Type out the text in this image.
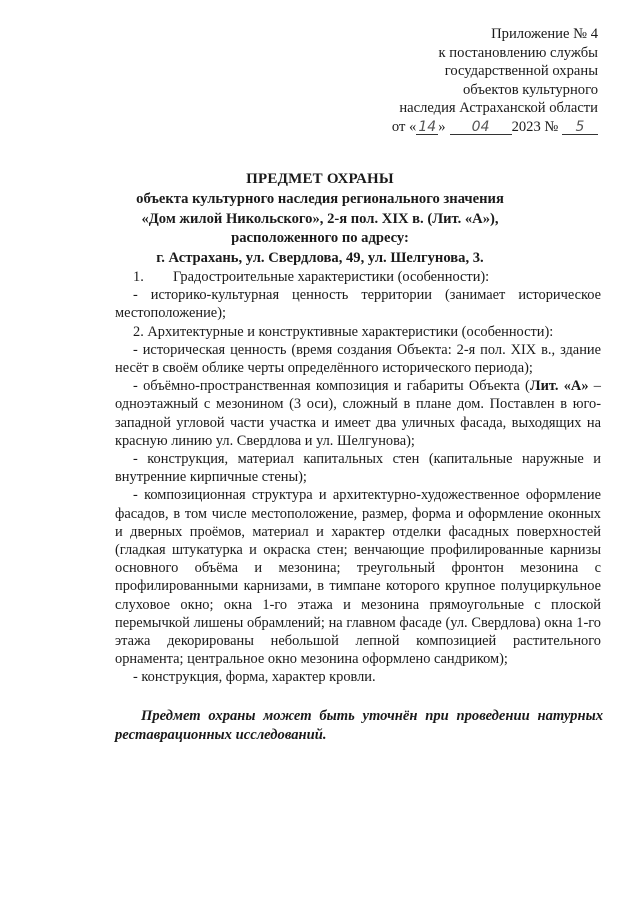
Приложение № 4
к постановлению службы
государственной охраны
объектов культурного
наследия Астраханской области
от « 14 » 04 2023 № 5
ПРЕДМЕТ ОХРАНЫ
объекта культурного наследия регионального значения
«Дом жилой Никольского», 2-я пол. XIX в. (Лит. «А»),
расположенного по адресу:
г. Астрахань, ул. Свердлова, 49, ул. Шелгунова, 3.

1. Градостроительные характеристики (особенности):

- историко-культурная ценность территории (занимает историческое местоположение);

2. Архитектурные и конструктивные характеристики (особенности):

- историческая ценность (время создания Объекта: 2-я пол. XIX в., здание несёт в своём облике черты определённого исторического периода);

- объёмно-пространственная композиция и габариты Объекта (Лит. «А» –одноэтажный с мезонином (3 оси), сложный в плане дом. Поставлен в юго-западной угловой части участка и имеет два уличных фасада, выходящих на красную линию ул. Свердлова и ул. Шелгунова);

- конструкция, материал капитальных стен (капитальные наружные и внутренние кирпичные стены);

- композиционная структура и архитектурно-художественное оформление фасадов, в том числе местоположение, размер, форма и оформление оконных и дверных проёмов, материал и характер отделки фасадных поверхностей (гладкая штукатурка и окраска стен; венчающие профилированные карнизы основного объёма и мезонина; треугольный фронтон мезонина с профилированными карнизами, в тимпане которого крупное полуциркульное слуховое окно; окна 1-го этажа и мезонина прямоугольные с плоской перемычкой лишены обрамлений; на главном фасаде (ул. Свердлова) окна 1-го этажа декорированы небольшой лепной композицией растительного орнамента; центральное окно мезонина оформлено сандриком);

- конструкция, форма, характер кровли.

Предмет охраны может быть уточнён при проведении натурных реставрационных исследований.
